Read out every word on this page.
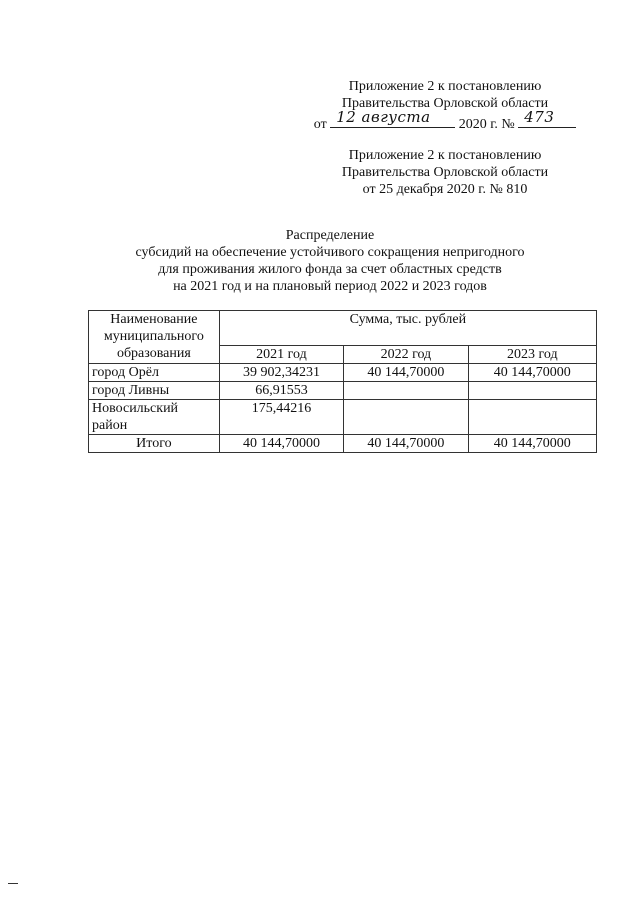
Приложение 2 к постановлению
Правительства Орловской области
от 12 августа 2020 г. № 473
Приложение 2 к постановлению
Правительства Орловской области
от 25 декабря 2020 г. № 810
Распределение
субсидий на обеспечение устойчивого сокращения непригодного
для проживания жилого фонда за счет областных средств
на 2021 год и на плановый период 2022 и 2023 годов
Наименование муниципального образования	Сумма, тыс. рублей		
	2021 год	2022 год	2023 год
город Орёл	39 902,34231	40 144,70000	40 144,70000
город Ливны	66,91553		
Новосильский район	175,44216		
Итого	40 144,70000	40 144,70000	40 144,70000
